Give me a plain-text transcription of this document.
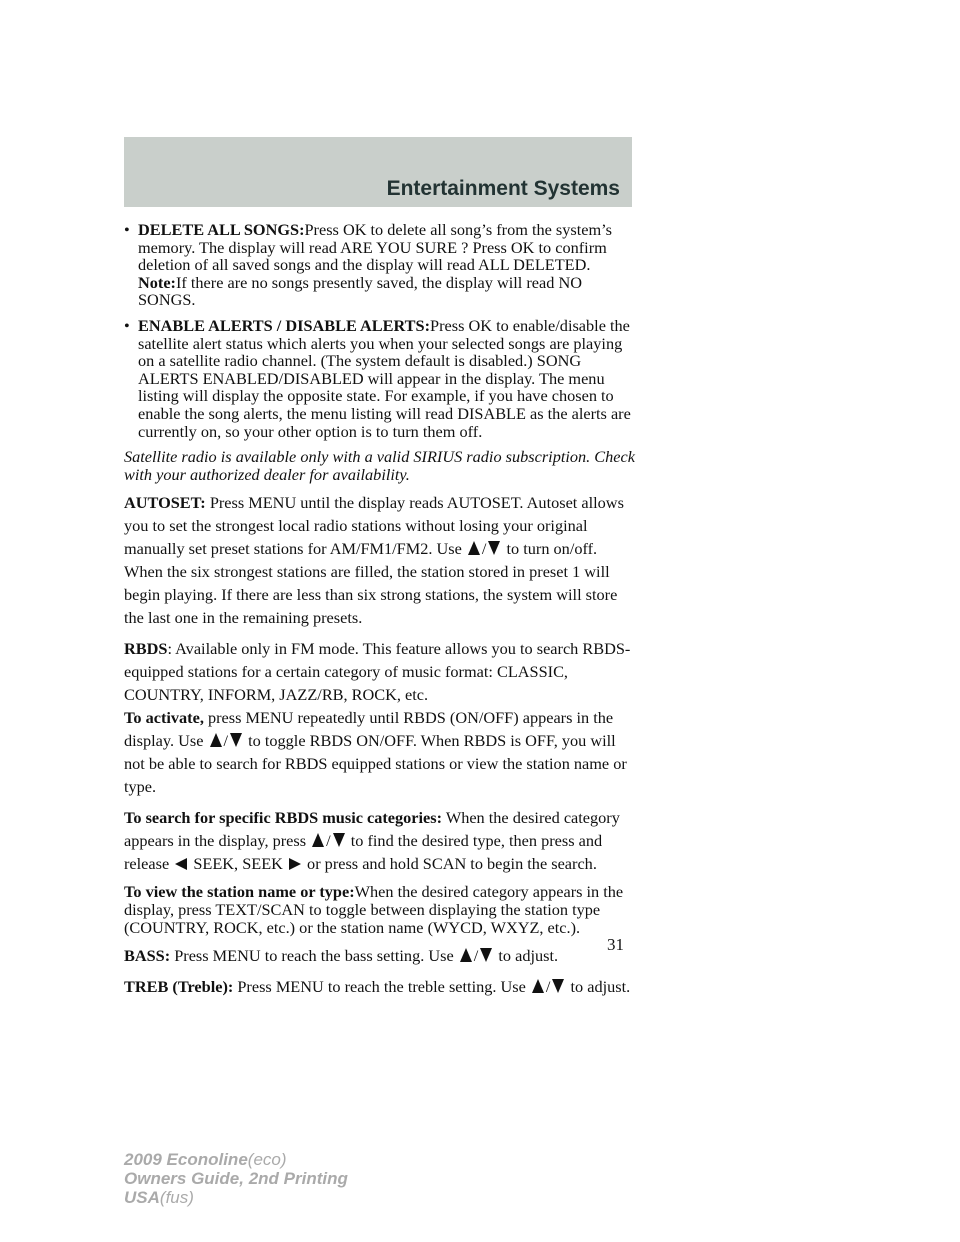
Entertainment Systems
• DELETE ALL SONGS:Press OK to delete all song’s from the system’s memory. The display will read ARE YOU SURE ? Press OK to confirm deletion of all saved songs and the display will read ALL DELETED.
Note:If there are no songs presently saved, the display will read NO SONGS.
• ENABLE ALERTS / DISABLE ALERTS:Press OK to enable/disable the satellite alert status which alerts you when your selected songs are playing on a satellite radio channel. (The system default is disabled.) SONG ALERTS ENABLED/DISABLED will appear in the display. The menu listing will display the opposite state. For example, if you have chosen to enable the song alerts, the menu listing will read DISABLE as the alerts are currently on, so your other option is to turn them off.

Satellite radio is available only with a valid SIRIUS radio subscription. Check with your authorized dealer for availability.

AUTOSET: Press MENU until the display reads AUTOSET. Autoset allows you to set the strongest local radio stations without losing your original manually set preset stations for AM/FM1/FM2. Use / to turn on/off.
When the six strongest stations are filled, the station stored in preset 1 will begin playing. If there are less than six strong stations, the system will store the last one in the remaining presets.

RBDS: Available only in FM mode. This feature allows you to search RBDS-equipped stations for a certain category of music format: CLASSIC, COUNTRY, INFORM, JAZZ/RB, ROCK, etc.
To activate, press MENU repeatedly until RBDS (ON/OFF) appears in the display. Use / to toggle RBDS ON/OFF. When RBDS is OFF, you will not be able to search for RBDS equipped stations or view the station name or type.

To search for specific RBDS music categories: When the desired category appears in the display, press / to find the desired type, then press and release SEEK, SEEK or press and hold SCAN to begin the search.

To view the station name or type:When the desired category appears in the display, press TEXT/SCAN to toggle between displaying the station type (COUNTRY, ROCK, etc.) or the station name (WYCD, WXYZ, etc.).

BASS: Press MENU to reach the bass setting. Use / to adjust.

TREB (Treble): Press MENU to reach the treble setting. Use / to adjust.

31
2009 Econoline(eco)
Owners Guide, 2nd Printing
USA(fus)
